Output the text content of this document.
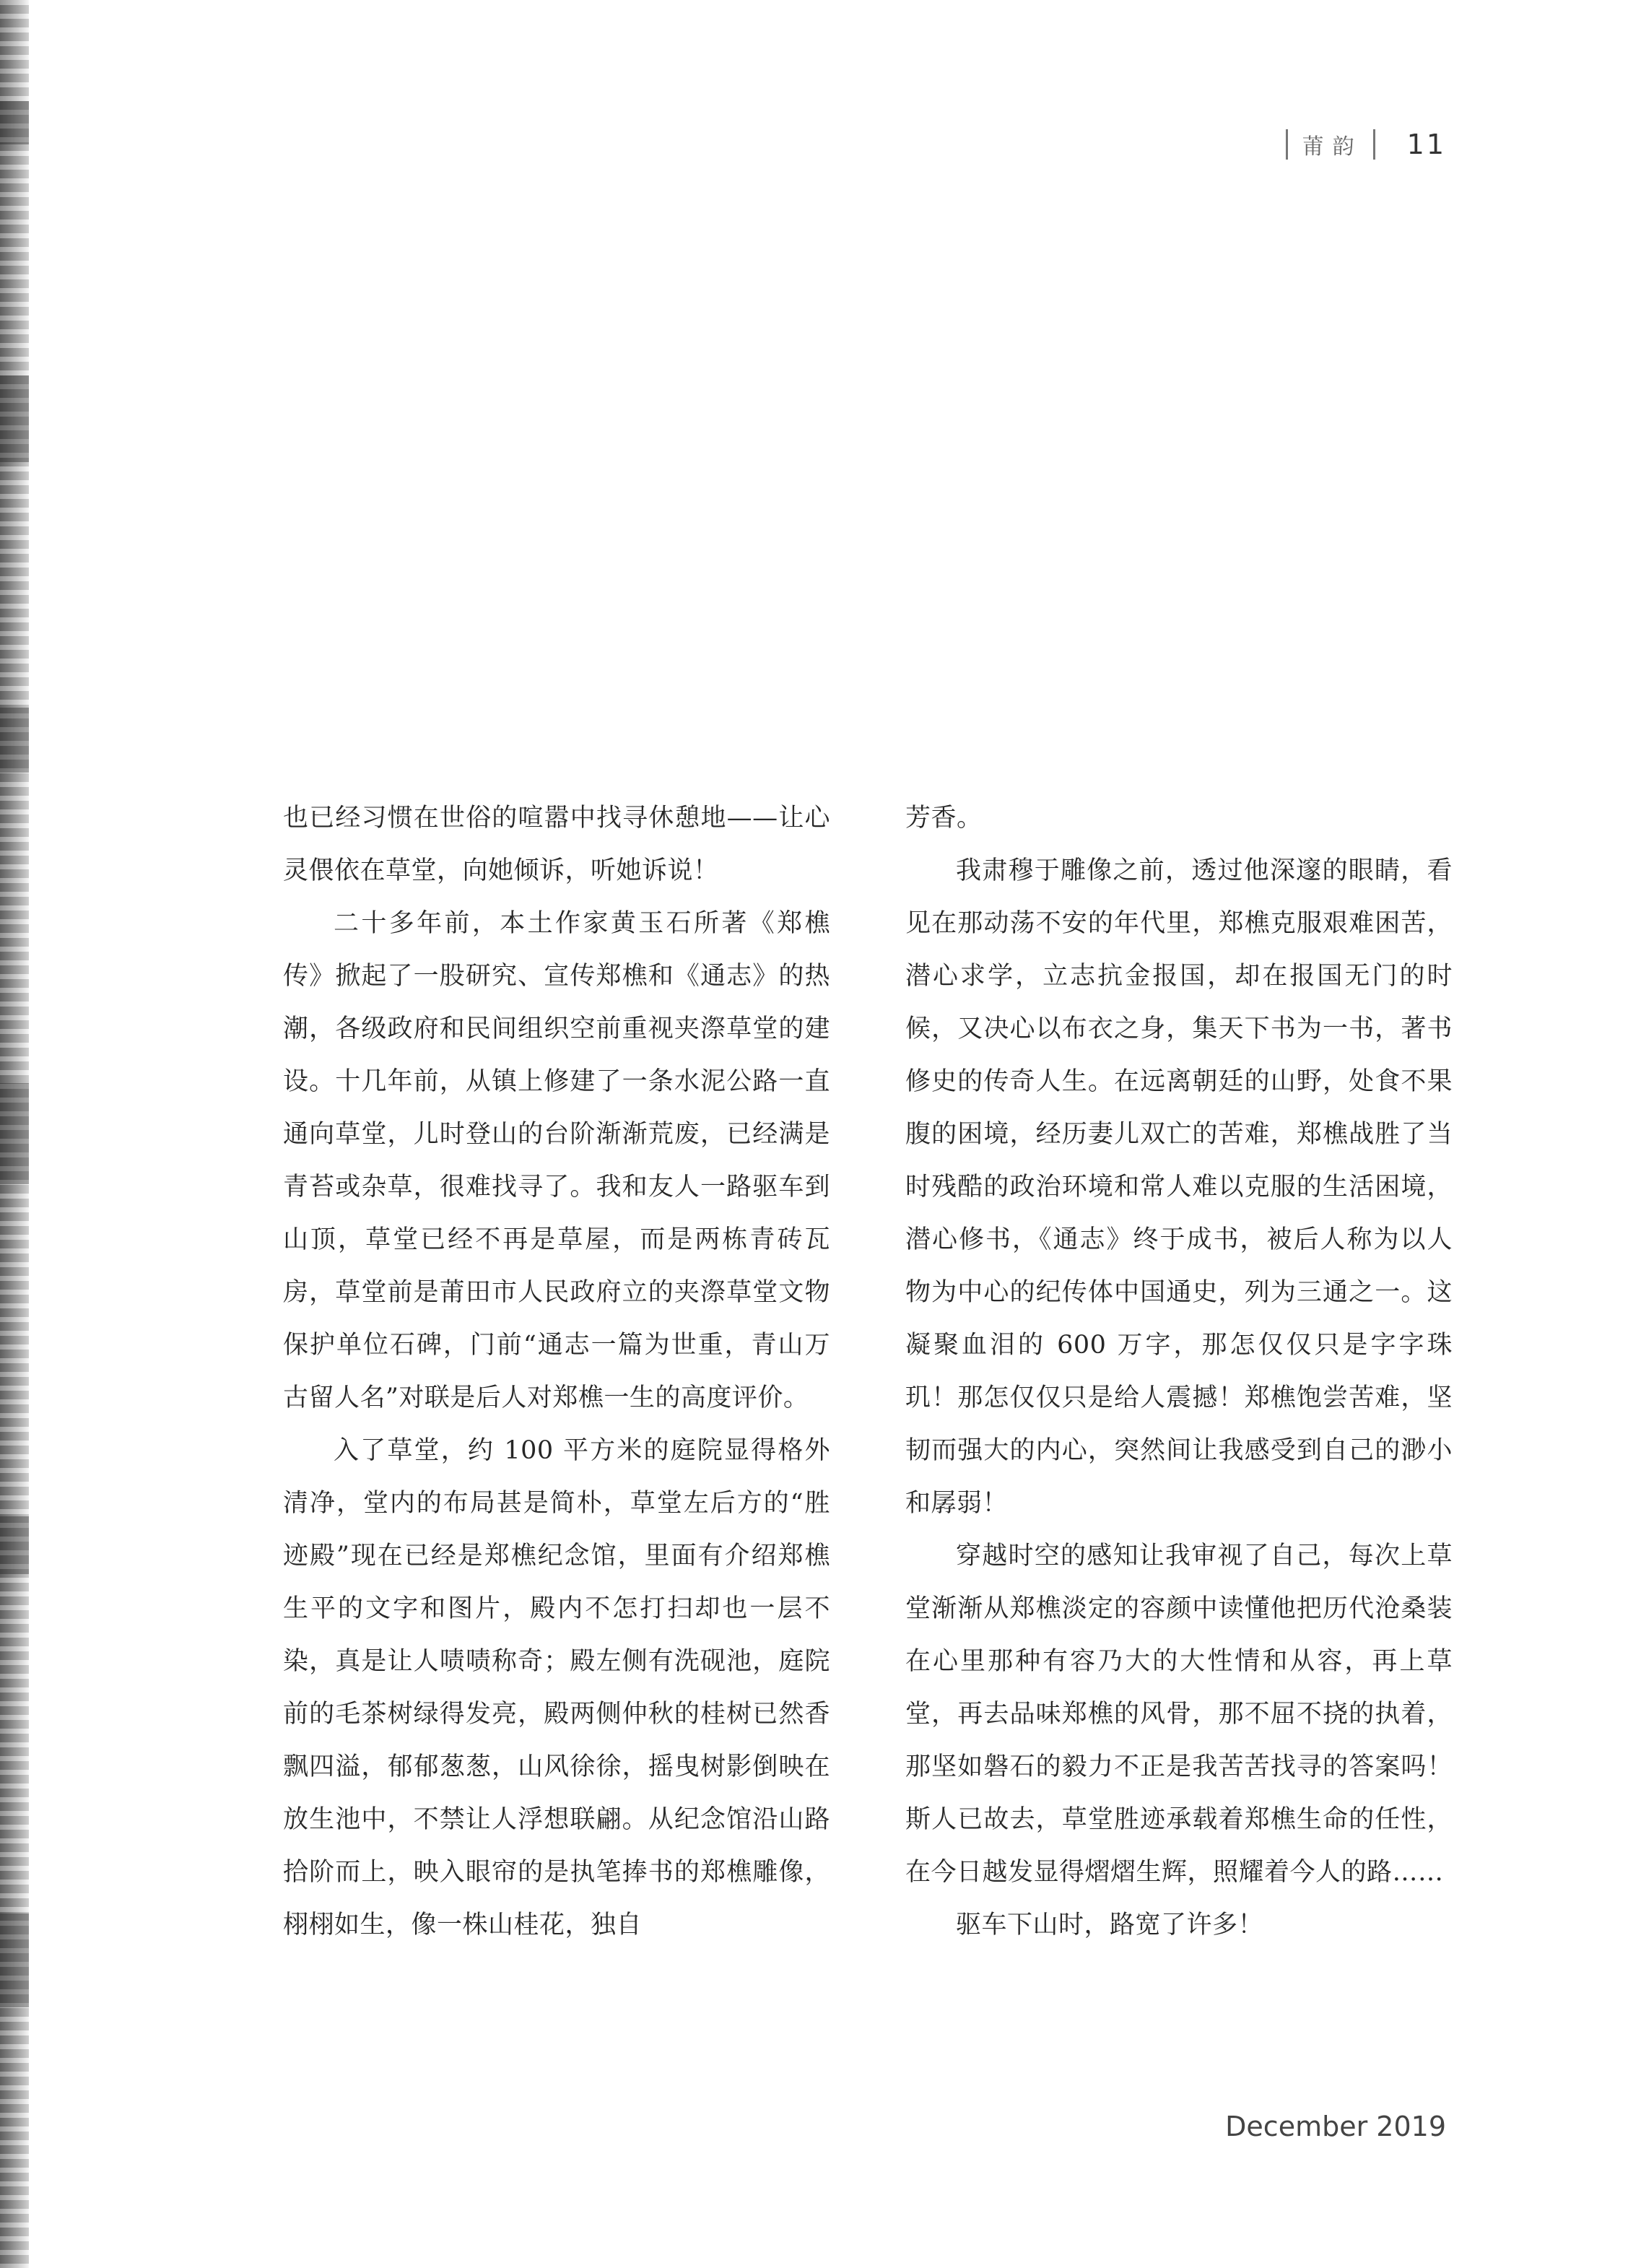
莆韵 11

也已经习惯在世俗的喧嚣中找寻休憩地——让心灵偎依在草堂，向她倾诉，听她诉说！

二十多年前，本土作家黄玉石所著《郑樵传》掀起了一股研究、宣传郑樵和《通志》的热潮，各级政府和民间组织空前重视夹漈草堂的建设。十几年前，从镇上修建了一条水泥公路一直通向草堂，儿时登山的台阶渐渐荒废，已经满是青苔或杂草，很难找寻了。我和友人一路驱车到山顶，草堂已经不再是草屋，而是两栋青砖瓦房，草堂前是莆田市人民政府立的夹漈草堂文物保护单位石碑，门前“通志一篇为世重，青山万古留人名”对联是后人对郑樵一生的高度评价。

入了草堂，约 100 平方米的庭院显得格外清净，堂内的布局甚是简朴，草堂左后方的“胜迹殿”现在已经是郑樵纪念馆，里面有介绍郑樵生平的文字和图片，殿内不怎打扫却也一层不染，真是让人啧啧称奇；殿左侧有洗砚池，庭院前的毛茶树绿得发亮，殿两侧仲秋的桂树已然香飘四溢，郁郁葱葱，山风徐徐，摇曳树影倒映在放生池中，不禁让人浮想联翩。从纪念馆沿山路拾阶而上，映入眼帘的是执笔捧书的郑樵雕像，栩栩如生，像一株山桂花，独自

芳香。

我肃穆于雕像之前，透过他深邃的眼睛，看见在那动荡不安的年代里，郑樵克服艰难困苦，潜心求学，立志抗金报国，却在报国无门的时候，又决心以布衣之身，集天下书为一书，著书修史的传奇人生。在远离朝廷的山野，处食不果腹的困境，经历妻儿双亡的苦难，郑樵战胜了当时残酷的政治环境和常人难以克服的生活困境，潜心修书，《通志》终于成书，被后人称为以人物为中心的纪传体中国通史，列为三通之一。这凝聚血泪的 600 万字，那怎仅仅只是字字珠玑！那怎仅仅只是给人震撼！郑樵饱尝苦难，坚韧而强大的内心，突然间让我感受到自己的渺小和孱弱！

穿越时空的感知让我审视了自己，每次上草堂渐渐从郑樵淡定的容颜中读懂他把历代沧桑装在心里那种有容乃大的大性情和从容，再上草堂，再去品味郑樵的风骨，那不屈不挠的执着，那坚如磐石的毅力不正是我苦苦找寻的答案吗！斯人已故去，草堂胜迹承载着郑樵生命的任性，在今日越发显得熠熠生辉，照耀着今人的路……

驱车下山时，路宽了许多！

December 2019
